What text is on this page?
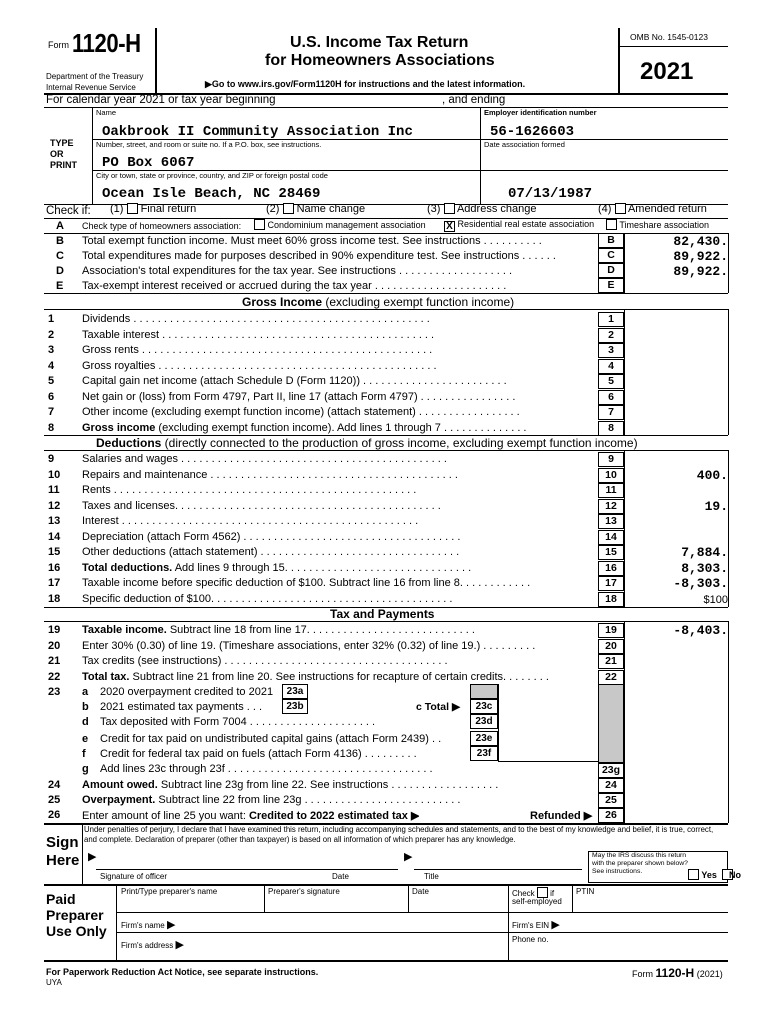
Form 1120-H
Department of the Treasury
Internal Revenue Service
U.S. Income Tax Return
for Homeowners Associations
▶Go to www.irs.gov/Form1120H for instructions and the latest information.
OMB No. 1545-0123
2021
For calendar year 2021 or tax year beginning	, and ending
TYPE
OR
PRINT
Name
Oakbrook II Community Association Inc
Number, street, and room or suite no. If a P.O. box, see instructions.
PO Box 6067
City or town, state or province, country, and ZIP or foreign postal code
Ocean Isle Beach, NC 28469
Employer identification number
56-1626603
Date association formed
07/13/1987
Check if: (1) Final return	(2) Name change	(3) Address change	(4) Amended return
A Check type of homeowners association:	Condominium management association X Residential real estate association	Timeshare association
B	Total exempt function income. Must meet 60% gross income test. See instructions . . . . . . . . . .	B	82,430.
C	Total expenditures made for purposes described in 90% expenditure test. See instructions . . . . . .	C	89,922.
D	Association's total expenditures for the tax year. See instructions . . . . . . . . . . . . . . . . . . .	D	89,922.
E	Tax-exempt interest received or accrued during the tax year . . . . . . . . . . . . . . . . . . . . . .	E
Gross Income (excluding exempt function income)
1	Dividends . . . . . . . . . . . . . . . . . . . . . . . . . . . . . . . . . . . . . . . . . . . . . . . . .	1
2	Taxable interest . . . . . . . . . . . . . . . . . . . . . . . . . . . . . . . . . . . . . . . . . . . . .	2
3	Gross rents . . . . . . . . . . . . . . . . . . . . . . . . . . . . . . . . . . . . . . . . . . . . . . . .	3
4	Gross royalties . . . . . . . . . . . . . . . . . . . . . . . . . . . . . . . . . . . . . . . . . . . . . .	4
5	Capital gain net income (attach Schedule D (Form 1120)) . . . . . . . . . . . . . . . . . . . . . . . .	5
6	Net gain or (loss) from Form 4797, Part II, line 17 (attach Form 4797) . . . . . . . . . . . . . . . .	6
7	Other income (excluding exempt function income) (attach statement) . . . . . . . . . . . . . . . . .	7
8	Gross income (excluding exempt function income). Add lines 1 through 7 . . . . . . . . . . . . . .	8
Deductions (directly connected to the production of gross income, excluding exempt function income)
9	Salaries and wages . . . . . . . . . . . . . . . . . . . . . . . . . . . . . . . . . . . . . . . . . . . .	9
10	Repairs and maintenance . . . . . . . . . . . . . . . . . . . . . . . . . . . . . . . . . . . . . . . . .	10	400.
11	Rents . . . . . . . . . . . . . . . . . . . . . . . . . . . . . . . . . . . . . . . . . . . . . . . . . .	11
12	Taxes and licenses. . . . . . . . . . . . . . . . . . . . . . . . . . . . . . . . . . . . . . . . . . . .	12	19.
13	Interest . . . . . . . . . . . . . . . . . . . . . . . . . . . . . . . . . . . . . . . . . . . . . . . . .	13
14	Depreciation (attach Form 4562) . . . . . . . . . . . . . . . . . . . . . . . . . . . . . . . . . . . .	14
15	Other deductions (attach statement) . . . . . . . . . . . . . . . . . . . . . . . . . . . . . . . . .	15	7,884.
16	Total deductions. Add lines 9 through 15. . . . . . . . . . . . . . . . . . . . . . . . . . . . . . .	16	8,303.
17	Taxable income before specific deduction of $100. Subtract line 16 from line 8. . . . . . . . . . . .	17	-8,303.
18	Specific deduction of $100. . . . . . . . . . . . . . . . . . . . . . . . . . . . . . . . . . . . . . . .	18	$100
Tax and Payments
19	Taxable income. Subtract line 18 from line 17. . . . . . . . . . . . . . . . . . . . . . . . . . . .	19	-8,403.
20	Enter 30% (0.30) of line 19. (Timeshare associations, enter 32% (0.32) of line 19.) . . . . . . . . .	20
21	Tax credits (see instructions) . . . . . . . . . . . . . . . . . . . . . . . . . . . . . . . . . . . . .	21
22	Total tax. Subtract line 21 from line 20. See instructions for recapture of certain credits. . . . . . . .	22
23	a 2020 overpayment credited to 2021	23a
b 2021 estimated tax payments . . .	23b	c Total ▶	23c
d Tax deposited with Form 7004 . . . . . . . . . . . . . . . . . . . . .	23d
e Credit for tax paid on undistributed capital gains (attach Form 2439) . .	23e
f Credit for federal tax paid on fuels (attach Form 4136) . . . . . . . . .	23f
g Add lines 23c through 23f . . . . . . . . . . . . . . . . . . . . . . . . . . . . . . . . . .	23g
24	Amount owed. Subtract line 23g from line 22. See instructions . . . . . . . . . . . . . . . . . .	24
25	Overpayment. Subtract line 22 from line 23g . . . . . . . . . . . . . . . . . . . . . . . . . .	25
26	Enter amount of line 25 you want: Credited to 2022 estimated tax ▶	Refunded ▶	26
Sign
Here
Under penalties of perjury, I declare that I have examined this return, including accompanying schedules and statements, and to the best of my knowledge and belief, it is true, correct, and complete. Declaration of preparer (other than taxpayer) is based on all information of which preparer has any knowledge.
▶	▶
Signature of officer	Date	Title
May the IRS discuss this return with the preparer shown below? See instructions.	Yes	No
Paid
Preparer
Use Only
Print/Type preparer's name	Preparer's signature	Date	Check if
self-employed
PTIN
Firm's name ▶	Firm's EIN ▶
Firm's address ▶	Phone no.
For Paperwork Reduction Act Notice, see separate instructions.
UYA
Form 1120-H (2021)
